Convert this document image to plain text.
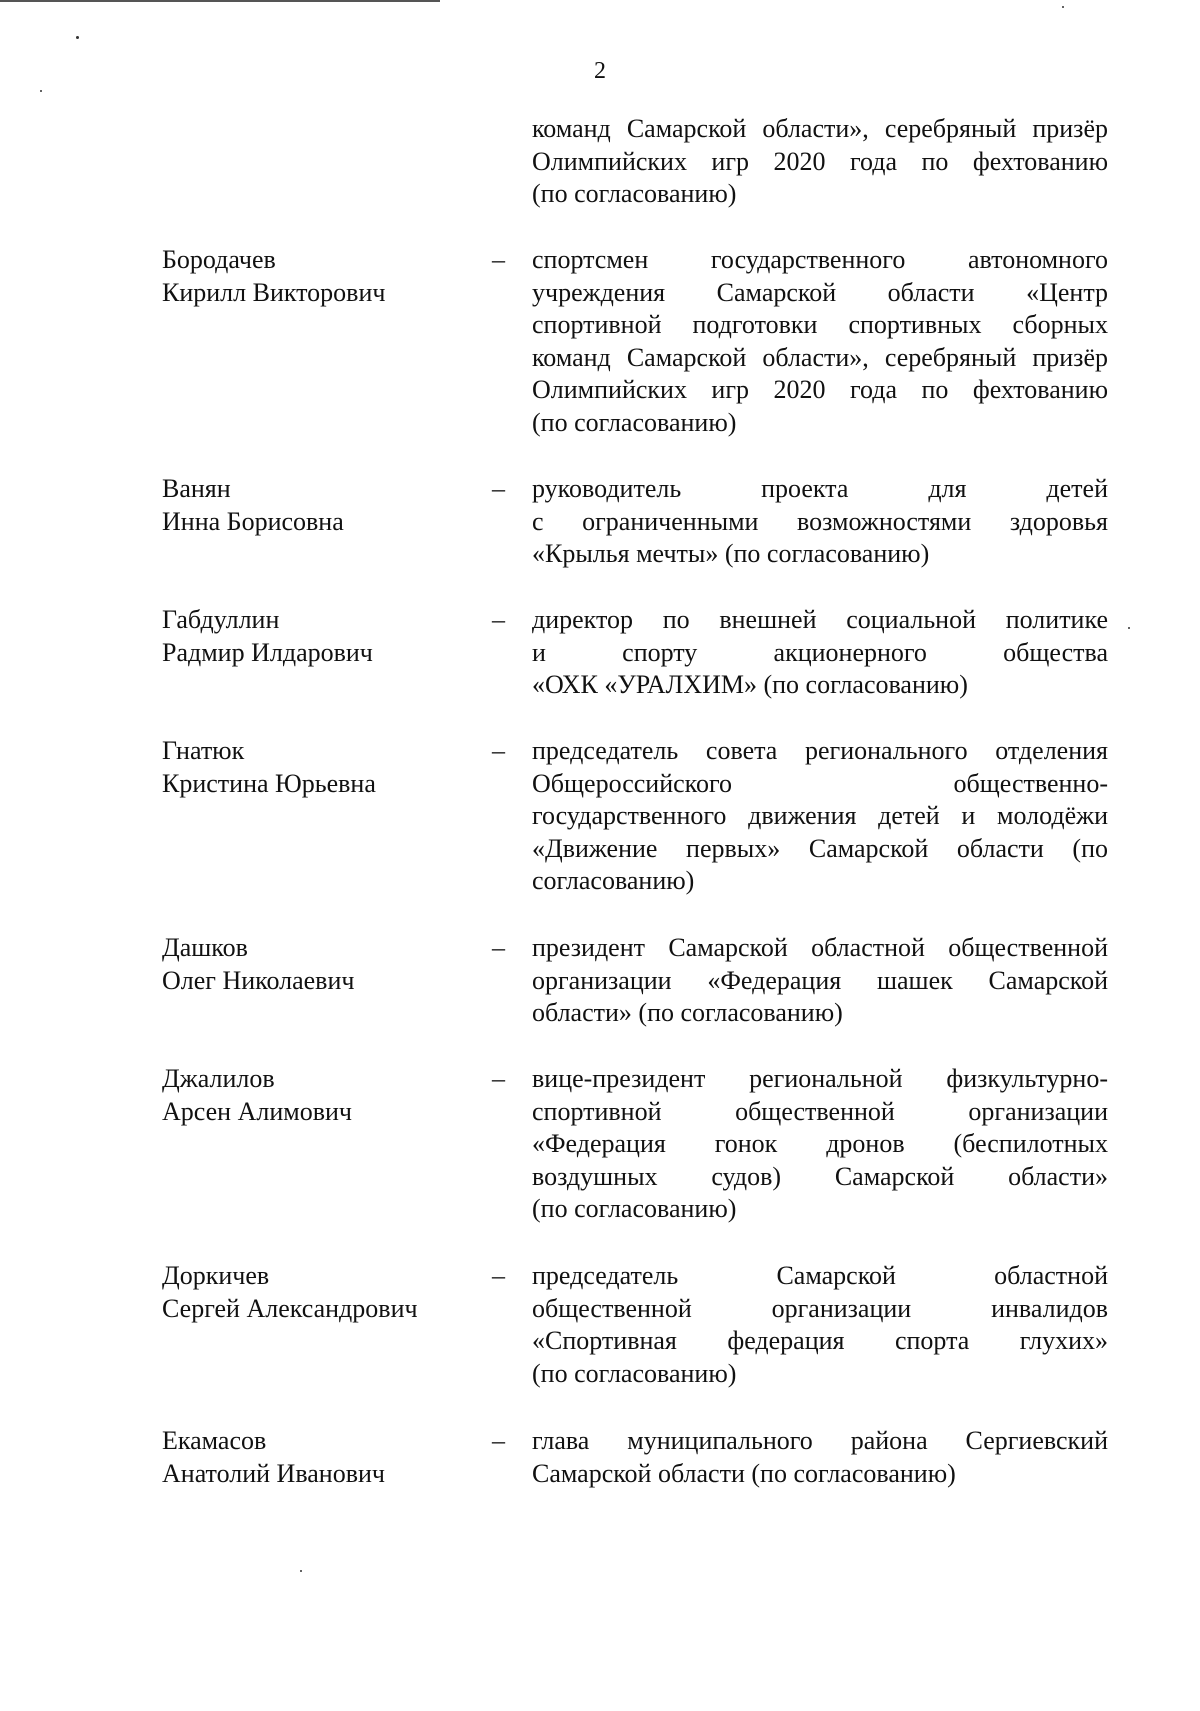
2
команд Самарской области», серебряный призёр
Олимпийских игр 2020 года по фехтованию
(по согласованию)
Бородачев
Кирилл Викторович
–	спортсмен государственного автономного
учреждения Самарской области «Центр
спортивной подготовки спортивных сборных
команд Самарской области», серебряный призёр
Олимпийских игр 2020 года по фехтованию
(по согласованию)
Ванян
Инна Борисовна
–	руководитель проекта для детей
с ограниченными возможностями здоровья
«Крылья мечты» (по согласованию)
Габдуллин
Радмир Илдарович
–	директор по внешней социальной политике
и спорту акционерного общества
«ОХК «УРАЛХИМ» (по согласованию)
Гнатюк
Кристина Юрьевна
–	председатель совета регионального отделения
Общероссийского общественно-
государственного движения детей и молодёжи
«Движение первых» Самарской области (по
согласованию)
Дашков
Олег Николаевич
–	президент Самарской областной общественной
организации «Федерация шашек Самарской
области» (по согласованию)
Джалилов
Арсен Алимович
–	вице-президент региональной физкультурно-
спортивной общественной организации
«Федерация гонок дронов (беспилотных
воздушных судов) Самарской области»
(по согласованию)
Доркичев
Сергей Александрович
–	председатель Самарской областной
общественной организации инвалидов
«Спортивная федерация спорта глухих»
(по согласованию)
Екамасов
Анатолий Иванович
–	глава муниципального района Сергиевский
Самарской области (по согласованию)
